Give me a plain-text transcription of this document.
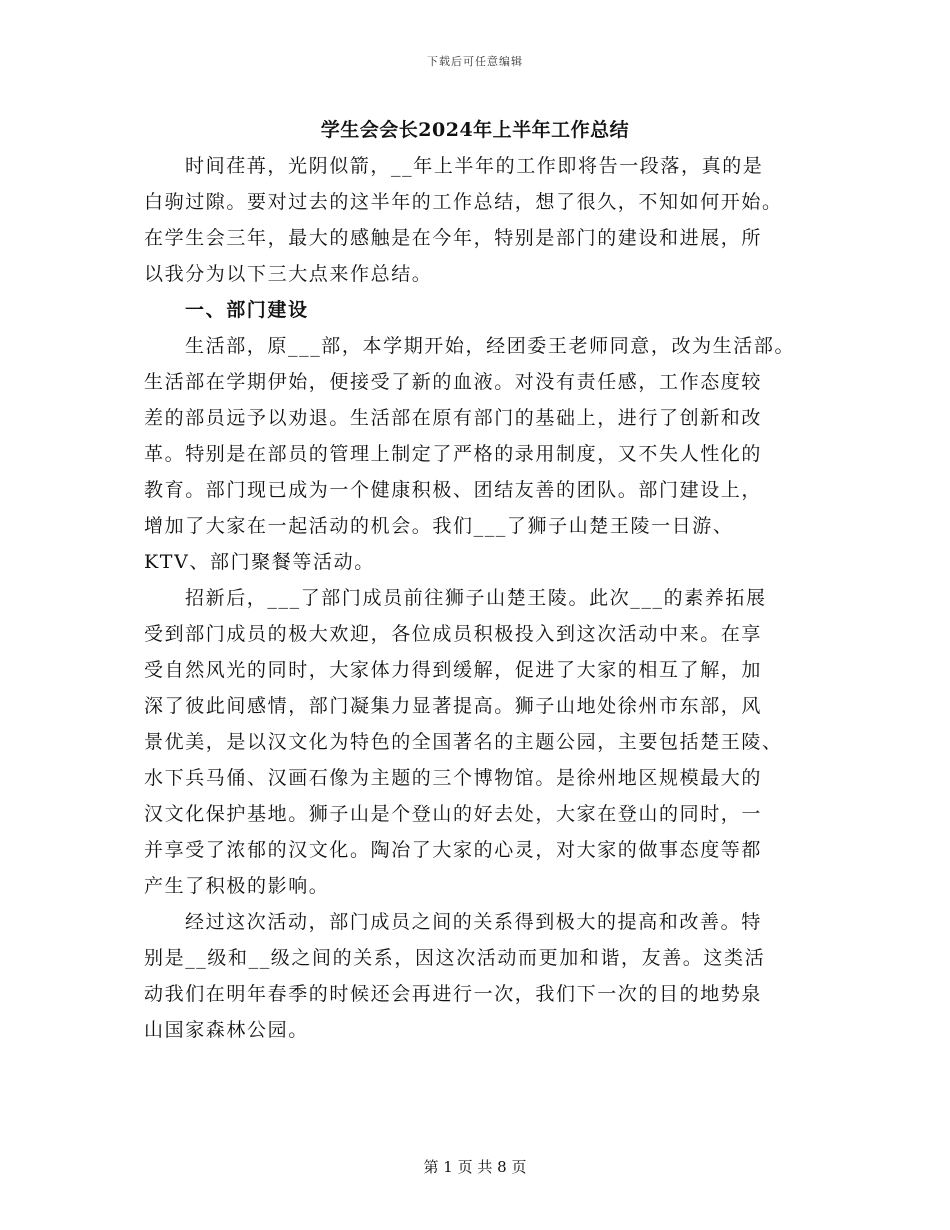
下载后可任意编辑
学生会会长2024年上半年工作总结
时间荏苒，光阴似箭，__年上半年的工作即将告一段落，真的是
白驹过隙。要对过去的这半年的工作总结，想了很久，不知如何开始。
在学生会三年，最大的感触是在今年，特别是部门的建设和进展，所
以我分为以下三大点来作总结。
一、部门建设
生活部，原___部，本学期开始，经团委王老师同意，改为生活部。
生活部在学期伊始，便接受了新的血液。对没有责任感，工作态度较
差的部员远予以劝退。生活部在原有部门的基础上，进行了创新和改
革。特别是在部员的管理上制定了严格的录用制度，又不失人性化的
教育。部门现已成为一个健康积极、团结友善的团队。部门建设上，
增加了大家在一起活动的机会。我们___了狮子山楚王陵一日游、
KTV、部门聚餐等活动。
招新后，___了部门成员前往狮子山楚王陵。此次___的素养拓展
受到部门成员的极大欢迎，各位成员积极投入到这次活动中来。在享
受自然风光的同时，大家体力得到缓解，促进了大家的相互了解，加
深了彼此间感情，部门凝集力显著提高。狮子山地处徐州市东部，风
景优美，是以汉文化为特色的全国著名的主题公园，主要包括楚王陵、
水下兵马俑、汉画石像为主题的三个博物馆。是徐州地区规模最大的
汉文化保护基地。狮子山是个登山的好去处，大家在登山的同时，一
并享受了浓郁的汉文化。陶冶了大家的心灵，对大家的做事态度等都
产生了积极的影响。
经过这次活动，部门成员之间的关系得到极大的提高和改善。特
别是__级和__级之间的关系，因这次活动而更加和谐，友善。这类活
动我们在明年春季的时候还会再进行一次，我们下一次的目的地势泉
山国家森林公园。
第 1 页 共 8 页
